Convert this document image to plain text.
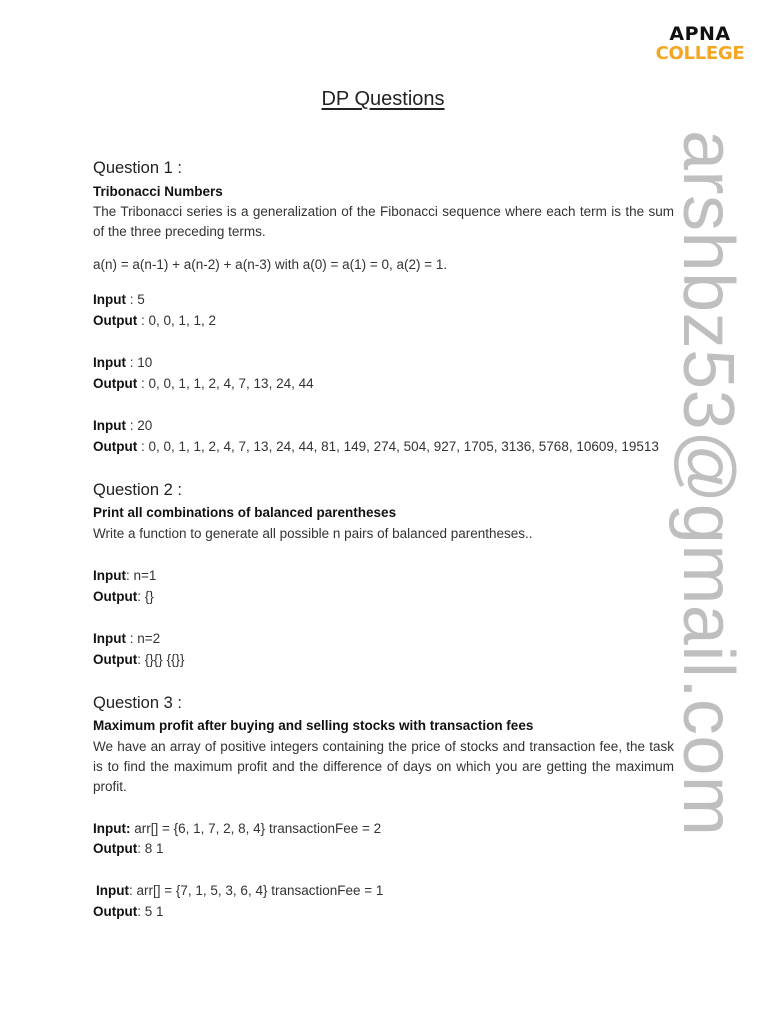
APNA
COLLEGE
DP Questions
arshbz53@gmail.com
Question 1 :
Tribonacci Numbers
The Tribonacci series is a generalization of the Fibonacci sequence where each term is the sum of the three preceding terms.
a(n) = a(n-1) + a(n-2) + a(n-3) with a(0) = a(1) = 0, a(2) = 1.
Input : 5
Output : 0, 0, 1, 1, 2
Input : 10
Output : 0, 0, 1, 1, 2, 4, 7, 13, 24, 44
Input : 20
Output : 0, 0, 1, 1, 2, 4, 7, 13, 24, 44, 81, 149, 274, 504, 927, 1705, 3136, 5768, 10609, 19513
Question 2 :
Print all combinations of balanced parentheses
Write a function to generate all possible n pairs of balanced parentheses..
Input: n=1
Output: {}
Input : n=2
Output: {}{} {{}}
Question 3 :
Maximum profit after buying and selling stocks with transaction fees
We have an array of positive integers containing the price of stocks and transaction fee, the task is to find the maximum profit and the difference of days on which you are getting the maximum profit.
Input: arr[] = {6, 1, 7, 2, 8, 4} transactionFee = 2
Output: 8 1
Input: arr[] = {7, 1, 5, 3, 6, 4} transactionFee = 1
Output: 5 1
